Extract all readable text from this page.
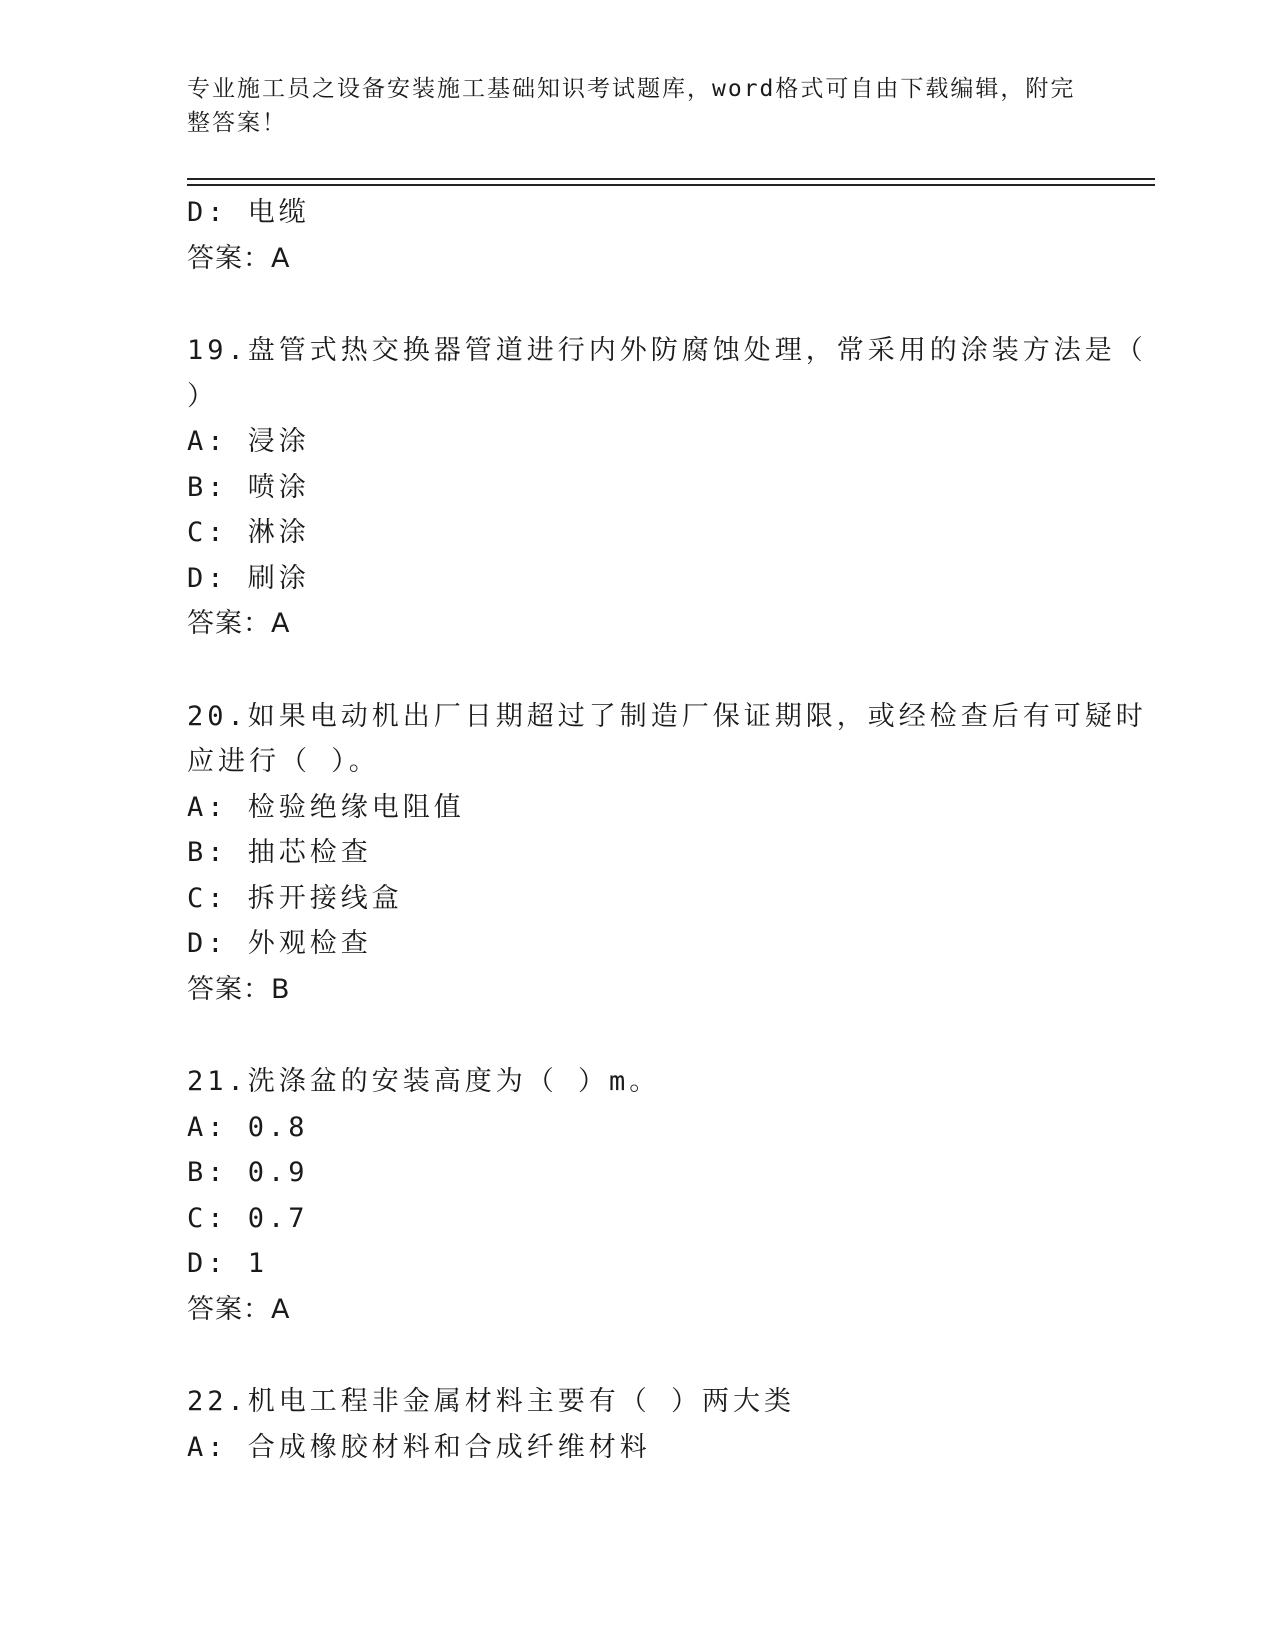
专业施工员之设备安装施工基础知识考试题库，word格式可自由下载编辑，附完
整答案！
D: 电缆
答案：A
19.盘管式热交换器管道进行内外防腐蚀处理，常采用的涂装方法是（
）
A: 浸涂
B: 喷涂
C: 淋涂
D: 刷涂
答案：A
20.如果电动机出厂日期超过了制造厂保证期限，或经检查后有可疑时
应进行（ ）。
A: 检验绝缘电阻值
B: 抽芯检查
C: 拆开接线盒
D: 外观检查
答案：B
21.洗涤盆的安装高度为（ ）m。
A: 0.8
B: 0.9
C: 0.7
D: 1
答案：A
22.机电工程非金属材料主要有（ ）两大类
A: 合成橡胶材料和合成纤维材料
